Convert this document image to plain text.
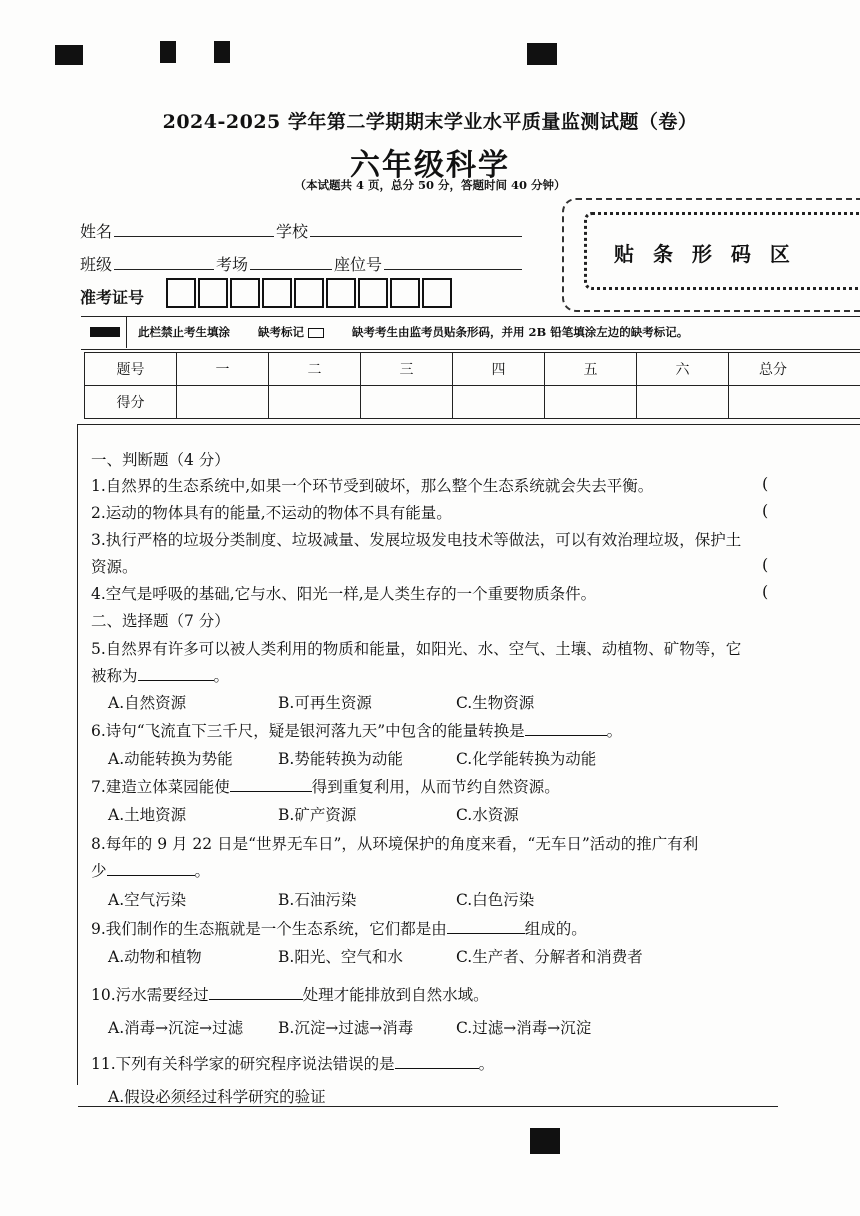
2024-2025 学年第二学期期末学业水平质量监测试题（卷）
六年级科学
（本试题共 4 页，总分 50 分，答题时间 40 分钟）
姓名	学校
班级	考场	座位号
准考证号
贴 条 形 码 区
此栏禁止考生填涂 缺考标记	缺考考生由监考员贴条形码，并用 2B 铅笔填涂左边的缺考标记。
题号	一	二	三	四	五	六	总分
得分							
一、判断题（4 分）
1.自然界的生态系统中,如果一个环节受到破坏，那么整个生态系统就会失去平衡。	(
2.运动的物体具有的能量,不运动的物体不具有能量。	(
3.执行严格的垃圾分类制度、垃圾减量、发展垃圾发电技术等做法，可以有效治理垃圾，保护土
资源。	(
4.空气是呼吸的基础,它与水、阳光一样,是人类生存的一个重要物质条件。	(
二、选择题（7 分）
5.自然界有许多可以被人类利用的物质和能量，如阳光、水、空气、土壤、动植物、矿物等，它
被称为	。
A.自然资源	B.可再生资源	C.生物资源
6.诗句“飞流直下三千尺，疑是银河落九天”中包含的能量转换是	。
A.动能转换为势能	B.势能转换为动能	C.化学能转换为动能
7.建造立体菜园能使	得到重复利用，从而节约自然资源。
A.土地资源	B.矿产资源	C.水资源
8.每年的 9 月 22 日是“世界无车日”，从环境保护的角度来看，“无车日”活动的推广有利
少	。
A.空气污染	B.石油污染	C.白色污染
9.我们制作的生态瓶就是一个生态系统，它们都是由	组成的。
A.动物和植物	B.阳光、空气和水	C.生产者、分解者和消费者
10.污水需要经过	处理才能排放到自然水域。
A.消毒→沉淀→过滤 B.沉淀→过滤→消毒	C.过滤→消毒→沉淀
11.下列有关科学家的研究程序说法错误的是	。
A.假设必须经过科学研究的验证
